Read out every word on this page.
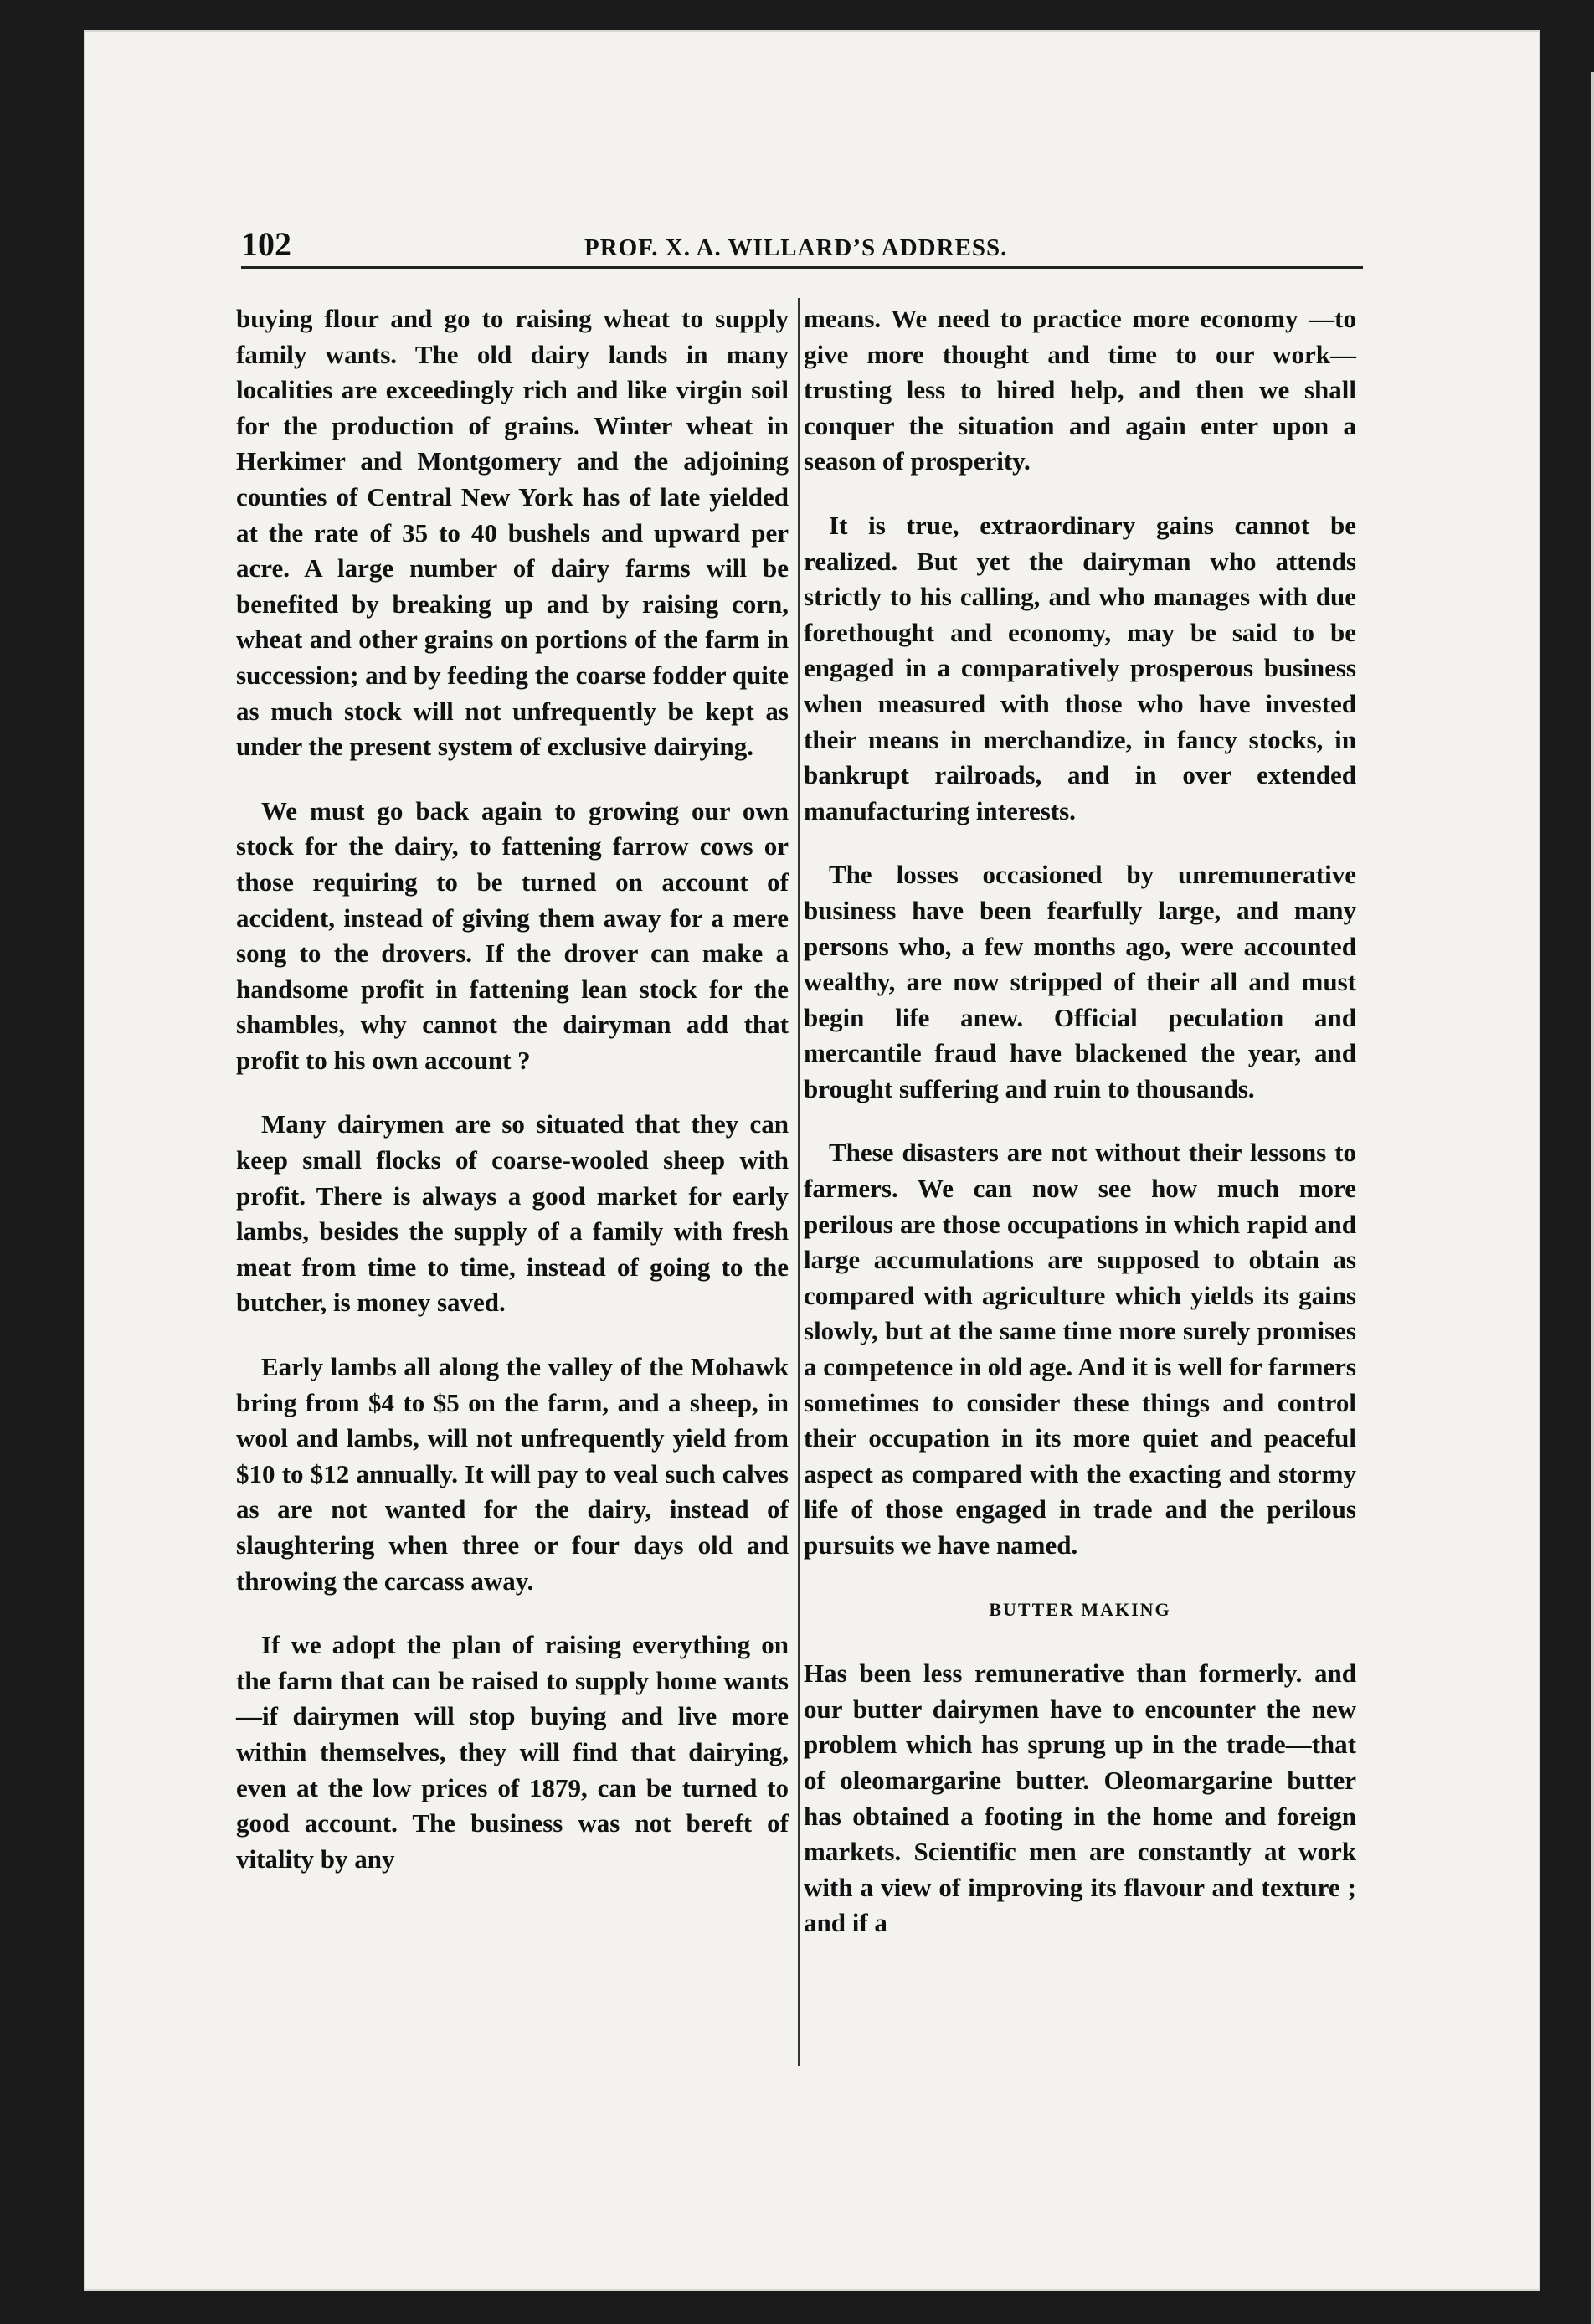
102	PROF. X. A. WILLARD’S ADDRESS.

buying flour and go to raising wheat to supply family wants. The old dairy lands in many localities are exceedingly rich and like virgin soil for the production of grains. Winter wheat in Herkimer and Montgomery and the adjoining counties of Central New York has of late yielded at the rate of 35 to 40 bushels and upward per acre. A large number of dairy farms will be benefited by breaking up and by raising corn, wheat and other grains on portions of the farm in succession; and by feeding the coarse fodder quite as much stock will not unfrequently be kept as under the present system of exclusive dairying.

We must go back again to growing our own stock for the dairy, to fattening farrow cows or those requiring to be turned on account of accident, instead of giving them away for a mere song to the drovers. If the drover can make a handsome profit in fattening lean stock for the shambles, why cannot the dairyman add that profit to his own account ?

Many dairymen are so situated that they can keep small flocks of coarse-wooled sheep with profit. There is always a good market for early lambs, besides the supply of a family with fresh meat from time to time, instead of going to the butcher, is money saved.

Early lambs all along the valley of the Mohawk bring from $4 to $5 on the farm, and a sheep, in wool and lambs, will not unfrequently yield from $10 to $12 annually. It will pay to veal such calves as are not wanted for the dairy, instead of slaughtering when three or four days old and throwing the carcass away.

If we adopt the plan of raising everything on the farm that can be raised to supply home wants—if dairymen will stop buying and live more within themselves, they will find that dairying, even at the low prices of 1879, can be turned to good account. The business was not bereft of vitality by any

means. We need to practice more economy —to give more thought and time to our work—trusting less to hired help, and then we shall conquer the situation and again enter upon a season of prosperity.

It is true, extraordinary gains cannot be realized. But yet the dairyman who attends strictly to his calling, and who manages with due forethought and economy, may be said to be engaged in a comparatively prosperous business when measured with those who have invested their means in merchandize, in fancy stocks, in bankrupt railroads, and in over extended manufacturing interests.

The losses occasioned by unremunerative business have been fearfully large, and many persons who, a few months ago, were accounted wealthy, are now stripped of their all and must begin life anew. Official peculation and mercantile fraud have blackened the year, and brought suffering and ruin to thousands.

These disasters are not without their lessons to farmers. We can now see how much more perilous are those occupations in which rapid and large accumulations are supposed to obtain as compared with agriculture which yields its gains slowly, but at the same time more surely promises a competence in old age. And it is well for farmers sometimes to consider these things and control their occupation in its more quiet and peaceful aspect as compared with the exacting and stormy life of those engaged in trade and the perilous pursuits we have named.

BUTTER MAKING

Has been less remunerative than formerly. and our butter dairymen have to encounter the new problem which has sprung up in the trade—that of oleomargarine butter. Oleomargarine butter has obtained a footing in the home and foreign markets. Scientific men are constantly at work with a view of improving its flavour and texture ; and if a
